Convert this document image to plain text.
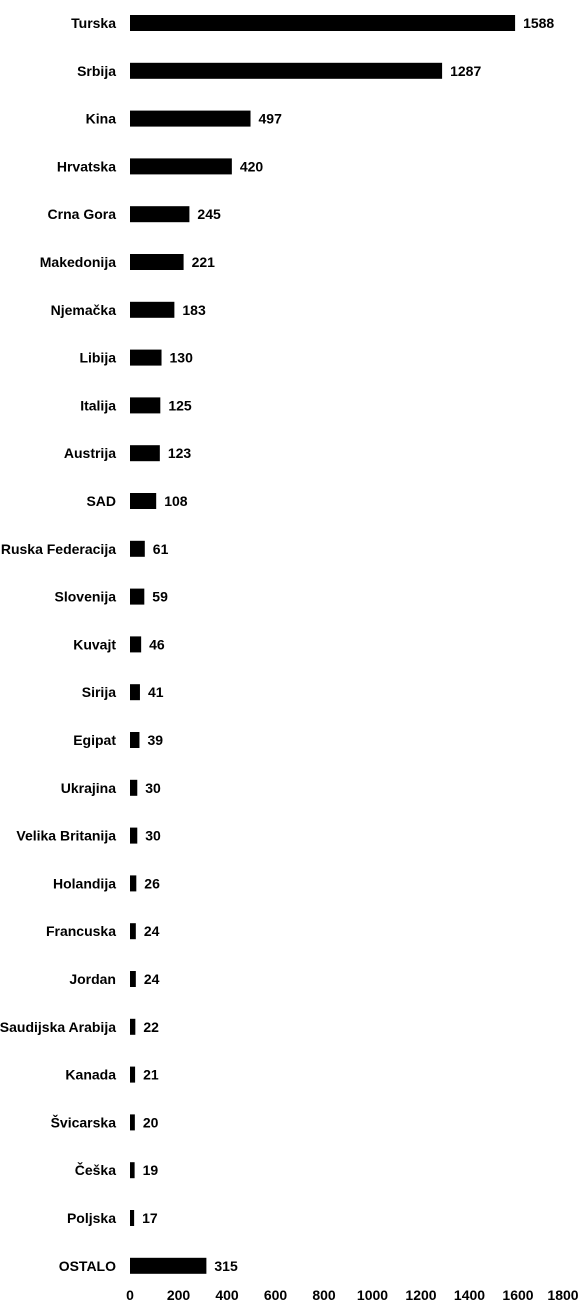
Turska	1588
Srbija	1287
Kina	497
Hrvatska	420
Crna Gora	245
Makedonija	221
Njemačka	183
Libija	130
Italija	125
Austrija	123
SAD	108
Ruska Federacija	61
Slovenija	59
Kuvajt 46
Sirija 41
Egipat 39
Ukrajina 30
Velika Britanija 30
Holandija 26
Francuska 24
Jordan 24
Saudijska Arabija 22
Kanada 21
Švicarska 20
Češka 19
Poljska 17
OSTALO	315
0 200 400 600 800 1000 1200 1400 1600 1800
